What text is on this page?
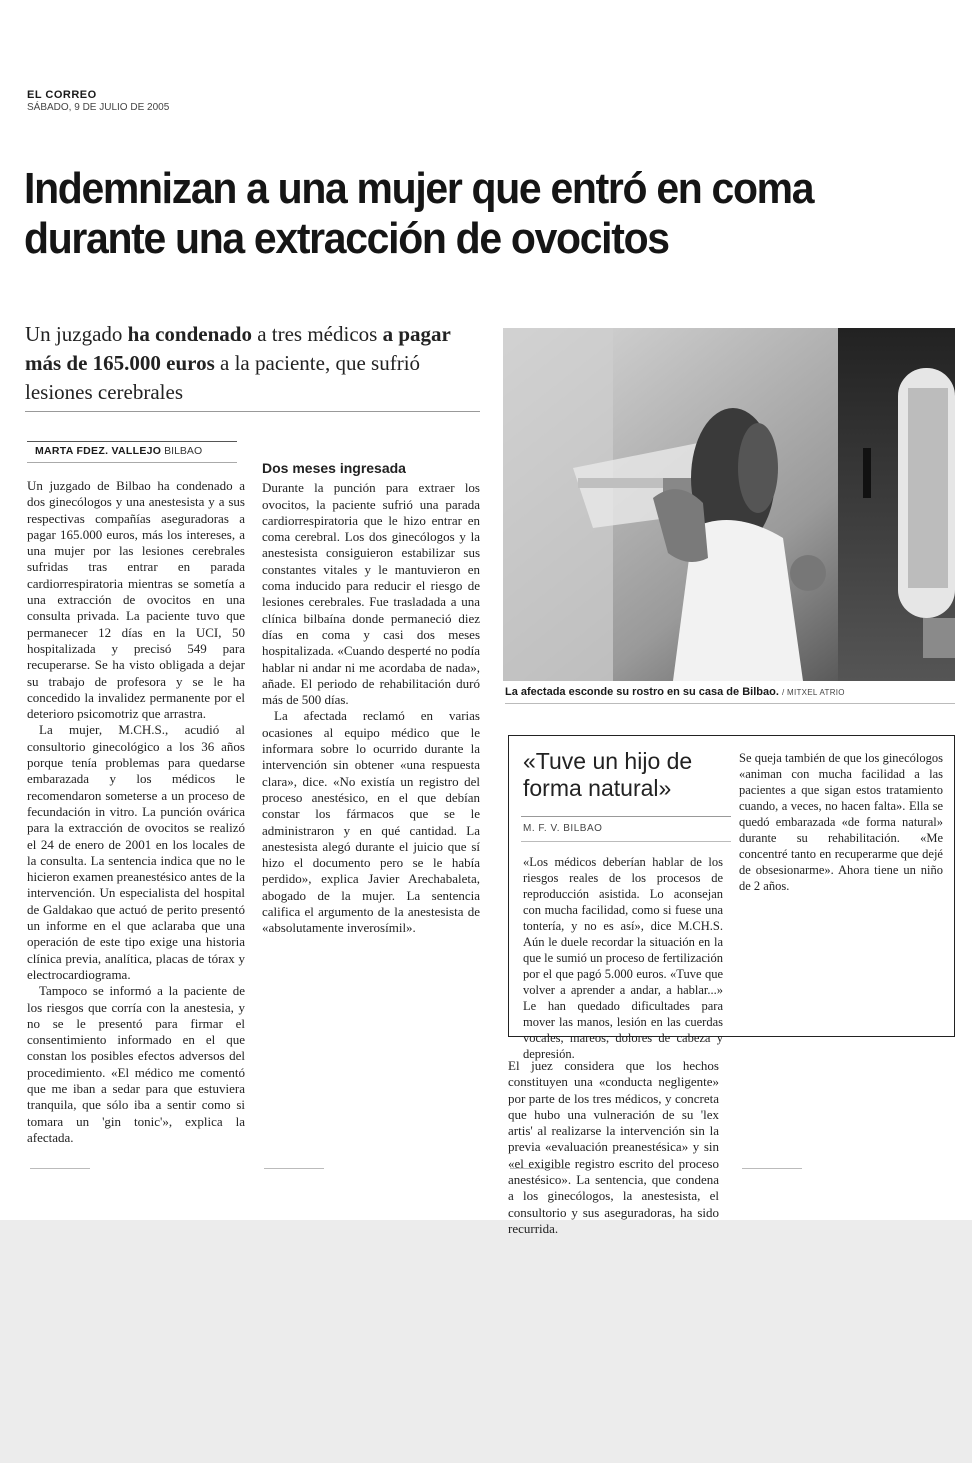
EL CORREO
SÁBADO, 9 DE JULIO DE 2005
Indemnizan a una mujer que entró en coma durante una extracción de ovocitos

Un juzgado ha condenado a tres médicos a pagar más de 165.000 euros a la paciente, que sufrió lesiones cerebrales

MARTA FDEZ. VALLEJO BILBAO

Un juzgado de Bilbao ha condenado a dos ginecólogos y una anestesista y a sus respectivas compañías aseguradoras a pagar 165.000 euros, más los intereses, a una mujer por las lesiones cerebrales sufridas tras entrar en parada cardiorrespiratoria mientras se sometía a una extracción de ovocitos en una consulta privada. La paciente tuvo que permanecer 12 días en la UCI, 50 hospitalizada y precisó 549 para recuperarse. Se ha visto obligada a dejar su trabajo de profesora y se le ha concedido la invalidez permanente por el deterioro psicomotriz que arrastra.

La mujer, M.CH.S., acudió al consultorio ginecológico a los 36 años porque tenía problemas para quedarse embarazada y los médicos le recomendaron someterse a un proceso de fecundación in vitro. La punción ovárica para la extracción de ovocitos se realizó el 24 de enero de 2001 en los locales de la consulta. La sentencia indica que no le hicieron examen preanestésico antes de la intervención. Un especialista del hospital de Galdakao que actuó de perito presentó un informe en el que aclaraba que una operación de este tipo exige una historia clínica previa, analítica, placas de tórax y electrocardiograma.

Tampoco se informó a la paciente de los riesgos que corría con la anestesia, y no se le presentó para firmar el consentimiento informado en el que constan los posibles efectos adversos del procedimiento. «El médico me comentó que me iban a sedar para que estuviera tranquila, que sólo iba a sentir como si tomara un 'gin tonic'», explica la afectada.

Dos meses ingresada

Durante la punción para extraer los ovocitos, la paciente sufrió una parada cardiorrespiratoria que le hizo entrar en coma cerebral. Los dos ginecólogos y la anestesista consiguieron estabilizar sus constantes vitales y le mantuvieron en coma inducido para reducir el riesgo de lesiones cerebrales. Fue trasladada a una clínica bilbaína donde permaneció diez días en coma y casi dos meses hospitalizada. «Cuando desperté no podía hablar ni andar ni me acordaba de nada», añade. El periodo de rehabilitación duró más de 500 días.

La afectada reclamó en varias ocasiones al equipo médico que le informara sobre lo ocurrido durante la intervención sin obtener «una respuesta clara», dice. «No existía un registro del proceso anestésico, en el que debían constar los fármacos que se le administraron y en qué cantidad. La anestesista alegó durante el juicio que sí hizo el documento pero se le había perdido», explica Javier Arechabaleta, abogado de la mujer. La sentencia califica el argumento de la anestesista de «absolutamente inverosímil».

La afectada esconde su rostro en su casa de Bilbao. / MITXEL ATRIO
«Tuve un hijo de forma natural»
M. F. V. BILBAO

«Los médicos deberían hablar de los riesgos reales de los procesos de reproducción asistida. Lo aconsejan con mucha facilidad, como si fuese una tontería, y no es así», dice M.CH.S. Aún le duele recordar la situación en la que le sumió un proceso de fertilización por el que pagó 5.000 euros. «Tuve que volver a aprender a andar, a hablar...» Le han quedado dificultades para mover las manos, lesión en las cuerdas vocales, mareos, dolores de cabeza y depresión.

Se queja también de que los ginecólogos «animan con mucha facilidad a las pacientes a que sigan estos tratamiento cuando, a veces, no hacen falta». Ella se quedó embarazada «de forma natural» durante su rehabilitación. «Me concentré tanto en recuperarme que dejé de obsesionarme». Ahora tiene un niño de 2 años.

El juez considera que los hechos constituyen una «conducta negligente» por parte de los tres médicos, y concreta que hubo una vulneración de su 'lex artis' al realizarse la intervención sin la previa «evaluación preanestésica» y sin «el exigible registro escrito del proceso anestésico». La sentencia, que condena a los ginecólogos, la anestesista, el consultorio y sus aseguradoras, ha sido recurrida.
